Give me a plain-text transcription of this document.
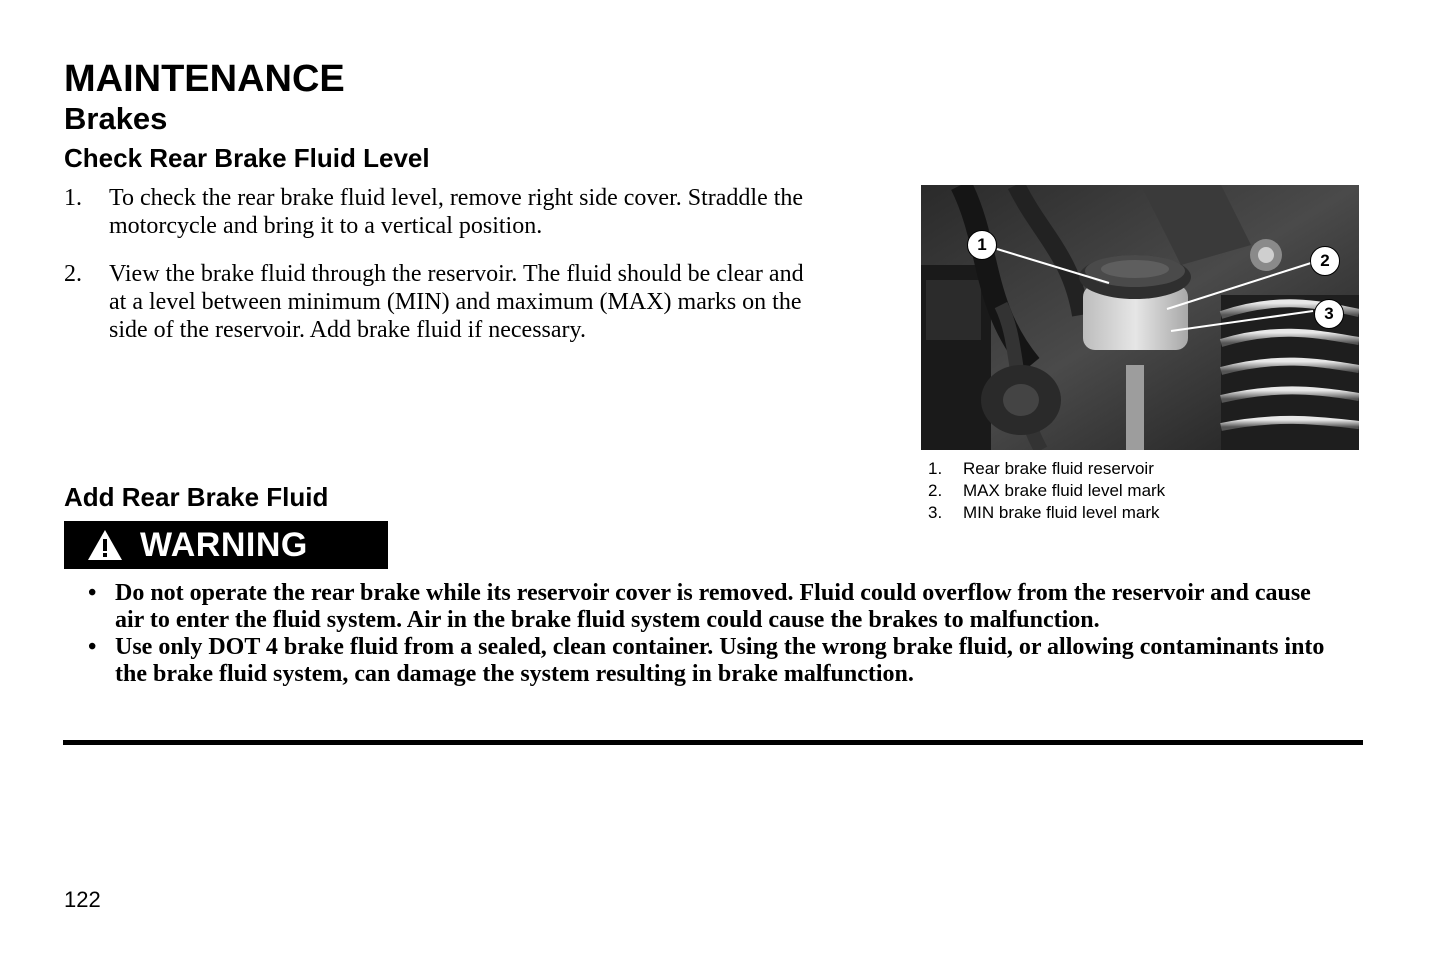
MAINTENANCE
Brakes
Check Rear Brake Fluid Level
1. To check the rear brake fluid level, remove right side cover. Straddle the motorcycle and bring it to a vertical position.
2. View the brake fluid through the reservoir. The fluid should be clear and at a level between minimum (MIN) and maximum (MAX) marks on the side of the reservoir. Add brake fluid if necessary.
1
2
3
1. Rear brake fluid reservoir
2. MAX brake fluid level mark
3. MIN brake fluid level mark
Add Rear Brake Fluid
WARNING
• Do not operate the rear brake while its reservoir cover is removed. Fluid could overflow from the reservoir and cause air to enter the fluid system. Air in the brake fluid system could cause the brakes to malfunction.
• Use only DOT 4 brake fluid from a sealed, clean container. Using the wrong brake fluid, or allowing contaminants into the brake fluid system, can damage the system resulting in brake malfunction.
122
